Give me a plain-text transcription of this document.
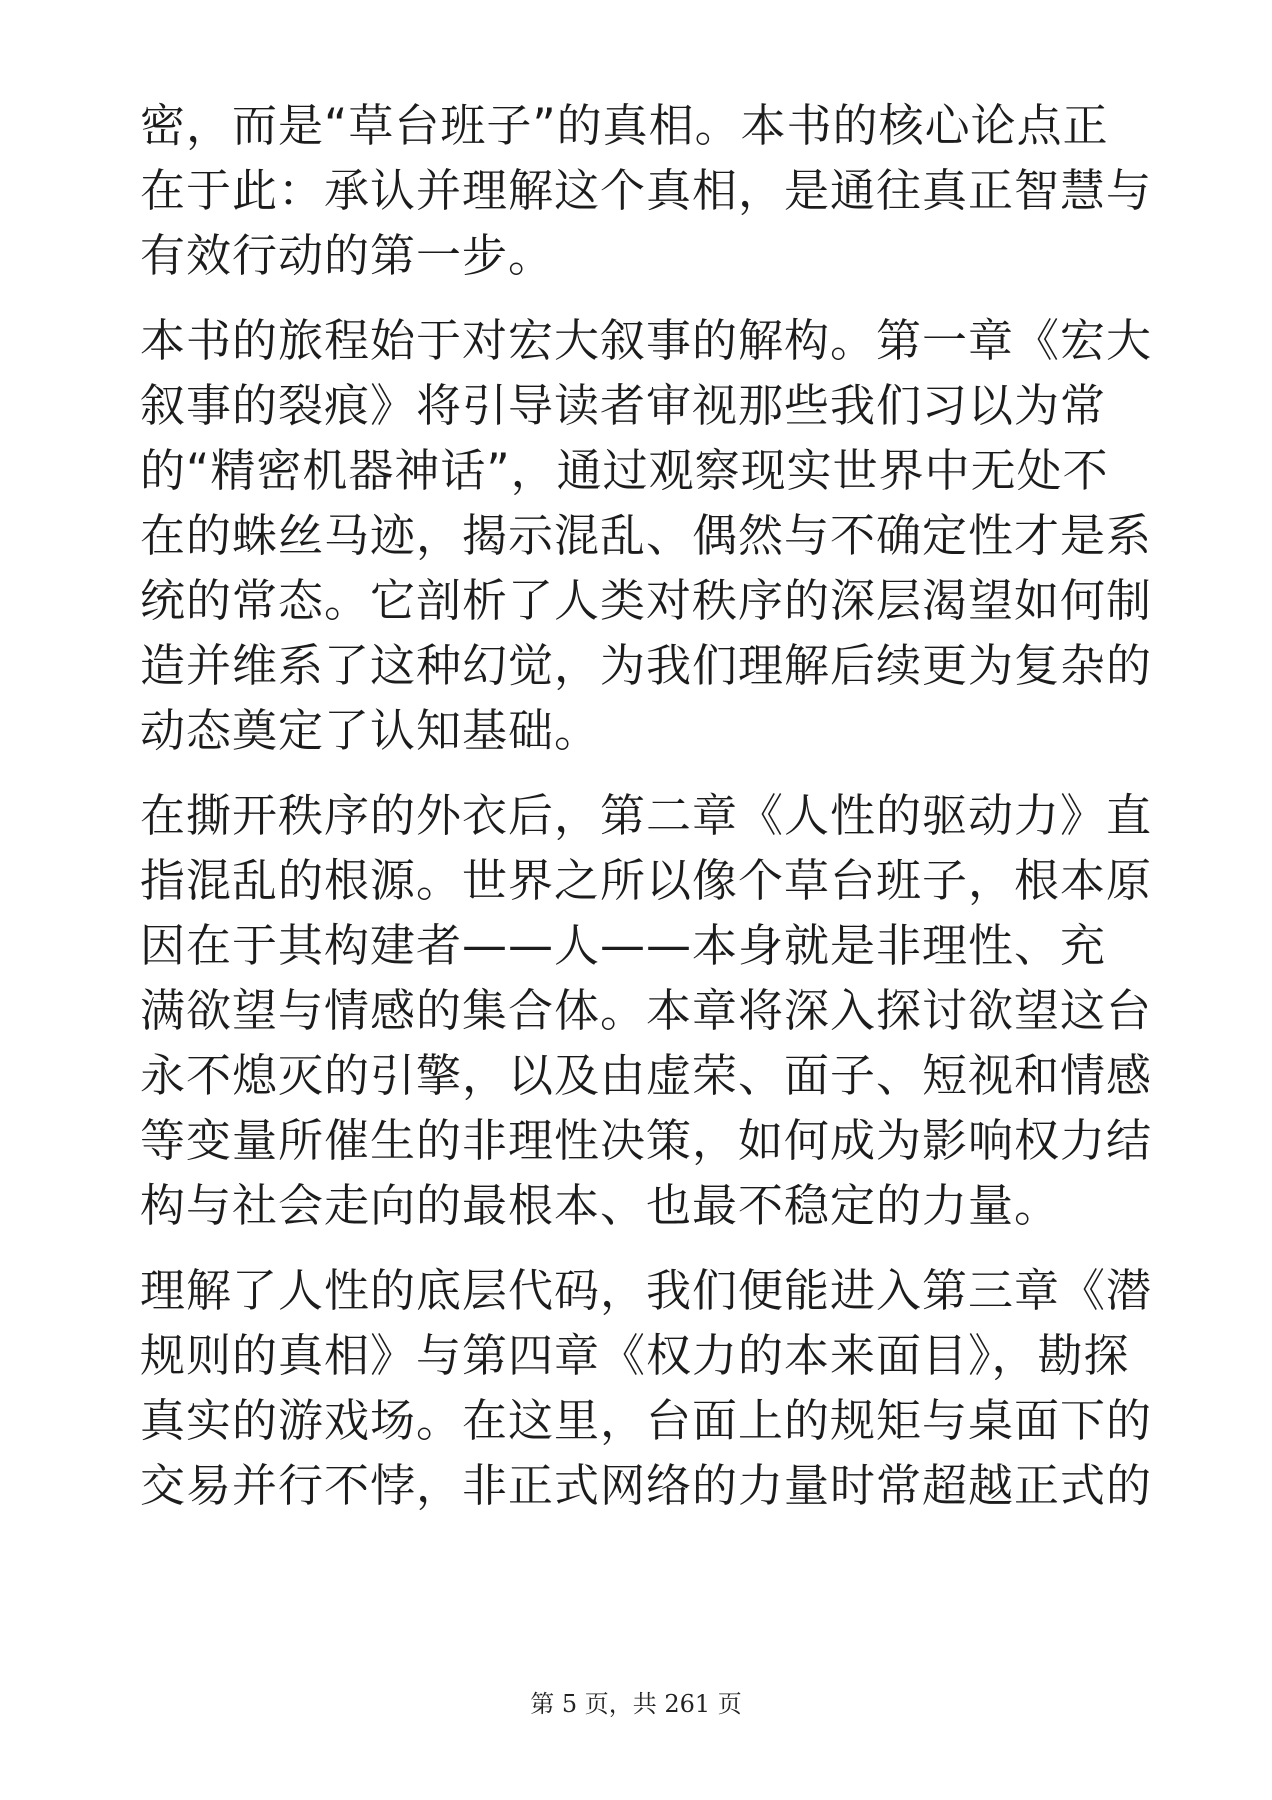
密，而是“草台班子”的真相。本书的核心论点正
在于此：承认并理解这个真相，是通往真正智慧与
有效行动的第一步。
本书的旅程始于对宏大叙事的解构。第一章《宏大
叙事的裂痕》将引导读者审视那些我们习以为常
的“精密机器神话”，通过观察现实世界中无处不
在的蛛丝马迹，揭示混乱、偶然与不确定性才是系
统的常态。它剖析了人类对秩序的深层渴望如何制
造并维系了这种幻觉，为我们理解后续更为复杂的
动态奠定了认知基础。
在撕开秩序的外衣后，第二章《人性的驱动力》直
指混乱的根源。世界之所以像个草台班子，根本原
因在于其构建者——人——本身就是非理性、充
满欲望与情感的集合体。本章将深入探讨欲望这台
永不熄灭的引擎，以及由虚荣、面子、短视和情感
等变量所催生的非理性决策，如何成为影响权力结
构与社会走向的最根本、也最不稳定的力量。
理解了人性的底层代码，我们便能进入第三章《潜
规则的真相》与第四章《权力的本来面目》，勘探
真实的游戏场。在这里，台面上的规矩与桌面下的
交易并行不悖，非正式网络的力量时常超越正式的
第 5 页，共 261 页
